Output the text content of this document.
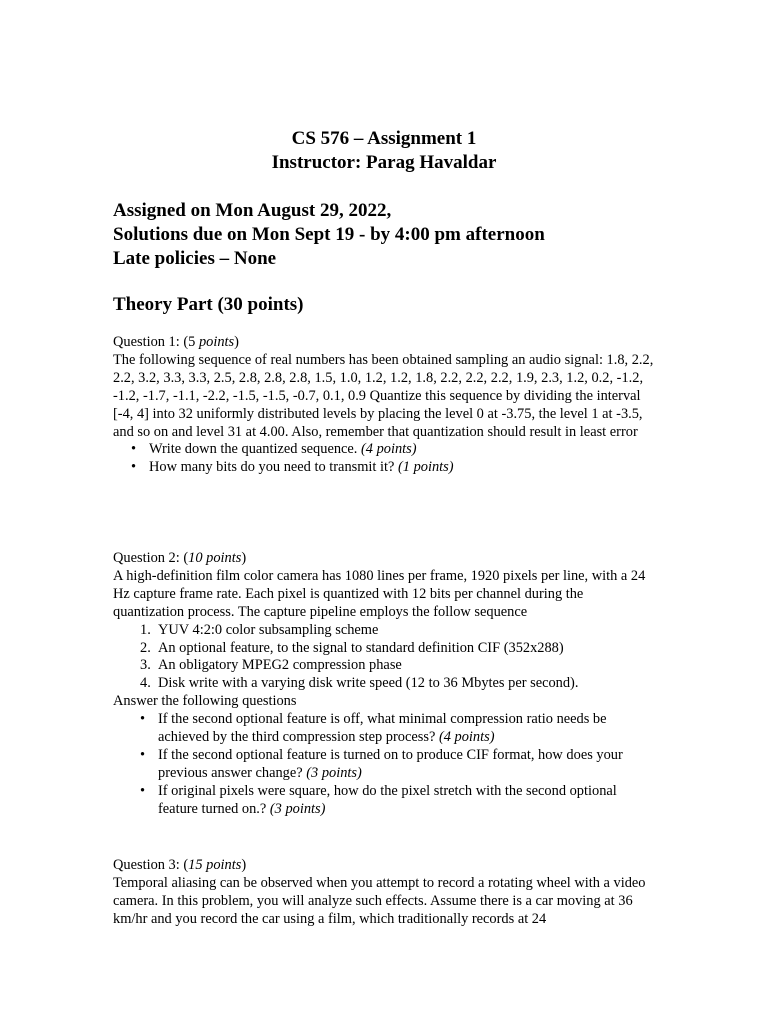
CS 576 – Assignment 1
Instructor: Parag Havaldar
Assigned on Mon August 29, 2022,
Solutions due on Mon Sept 19 - by 4:00 pm afternoon
Late policies – None
Theory Part (30 points)
Question 1: (5 points)
The following sequence of real numbers has been obtained sampling an audio signal: 1.8, 2.2, 2.2, 3.2, 3.3, 3.3, 2.5, 2.8, 2.8, 2.8, 1.5, 1.0, 1.2, 1.2, 1.8, 2.2, 2.2, 2.2, 1.9, 2.3, 1.2, 0.2, -1.2, -1.2, -1.7, -1.1, -2.2, -1.5, -1.5, -0.7, 0.1, 0.9 Quantize this sequence by dividing the interval [-4, 4] into 32 uniformly distributed levels by placing the level 0 at -3.75, the level 1 at -3.5, and so on and level 31 at 4.00. Also, remember that quantization should result in least error
• Write down the quantized sequence. (4 points)
• How many bits do you need to transmit it? (1 points)
Question 2: (10 points)
A high-definition film color camera has 1080 lines per frame, 1920 pixels per line, with a 24 Hz capture frame rate. Each pixel is quantized with 12 bits per channel during the quantization process. The capture pipeline employs the follow sequence
1. YUV 4:2:0 color subsampling scheme
2. An optional feature, to the signal to standard definition CIF (352x288)
3. An obligatory MPEG2 compression phase
4. Disk write with a varying disk write speed (12 to 36 Mbytes per second).
Answer the following questions
• If the second optional feature is off, what minimal compression ratio needs be achieved by the third compression step process? (4 points)
• If the second optional feature is turned on to produce CIF format, how does your previous answer change? (3 points)
• If original pixels were square, how do the pixel stretch with the second optional feature turned on.? (3 points)
Question 3: (15 points)
Temporal aliasing can be observed when you attempt to record a rotating wheel with a video camera. In this problem, you will analyze such effects. Assume there is a car moving at 36 km/hr and you record the car using a film, which traditionally records at 24
